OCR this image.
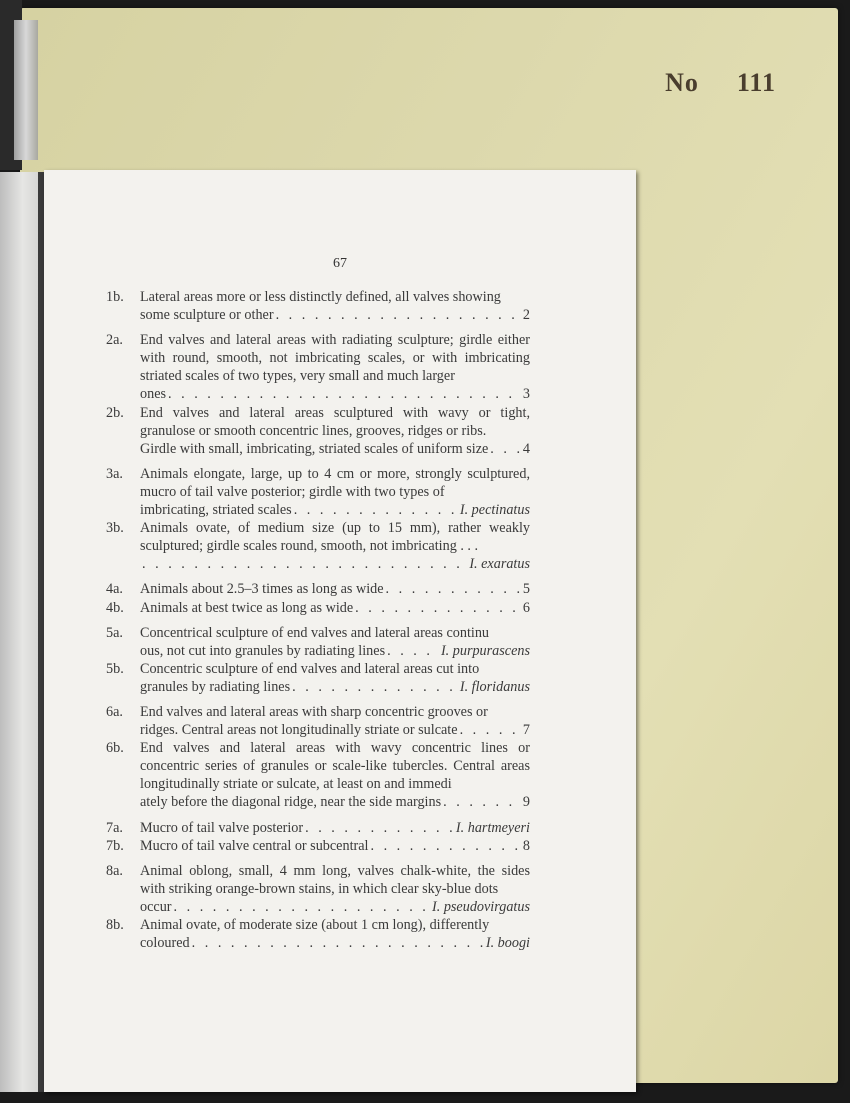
No 111
67
1b.	Lateral areas more or less distinctly defined, all valves showing
some sculpture or other . . .	2
2a.	End valves and lateral areas with radiating sculpture; girdle either with round, smooth, not imbricating scales, or with imbricating striated scales of two types, very small and much larger
ones . . .	3
2b.	End valves and lateral areas sculptured with wavy or tight, granulose or smooth concentric lines, grooves, ridges or ribs.
Girdle with small, imbricating, striated scales of uniform size . . . 4
3a.	Animals elongate, large, up to 4 cm or more, strongly sculptured, mucro of tail valve posterior; girdle with two types of
imbricating, striated scales . . .	I. pectinatus
3b.	Animals ovate, of medium size (up to 15 mm), rather weakly sculptured; girdle scales round, smooth, not imbricating . . .
. . .
I. exaratus
4a.	Animals about 2.5–3 times as long as wide . . .	5
4b.	Animals at best twice as long as wide . . .	6
5a.	Concentrical sculpture of end valves and lateral areas continu
ous, not cut into granules by radiating lines . . .	I. purpurascens
5b.	Concentric sculpture of end valves and lateral areas cut into
granules by radiating lines . . .	I. floridanus
6a.	End valves and lateral areas with sharp concentric grooves or
ridges. Central areas not longitudinally striate or sulcate . . .	7
6b.	End valves and lateral areas with wavy concentric lines or concentric series of granules or scale-like tubercles. Central areas longitudinally striate or sulcate, at least on and immedi
ately before the diagonal ridge, near the side margins . . .	9
7a.	Mucro of tail valve posterior . . .	I. hartmeyeri
7b.	Mucro of tail valve central or subcentral . . .	8
8a.	Animal oblong, small, 4 mm long, valves chalk-white, the sides with striking orange-brown stains, in which clear sky-blue dots
occur . . .	I. pseudovirgatus
8b.	Animal ovate, of moderate size (about 1 cm long), differently
coloured . . .	I. boogi
